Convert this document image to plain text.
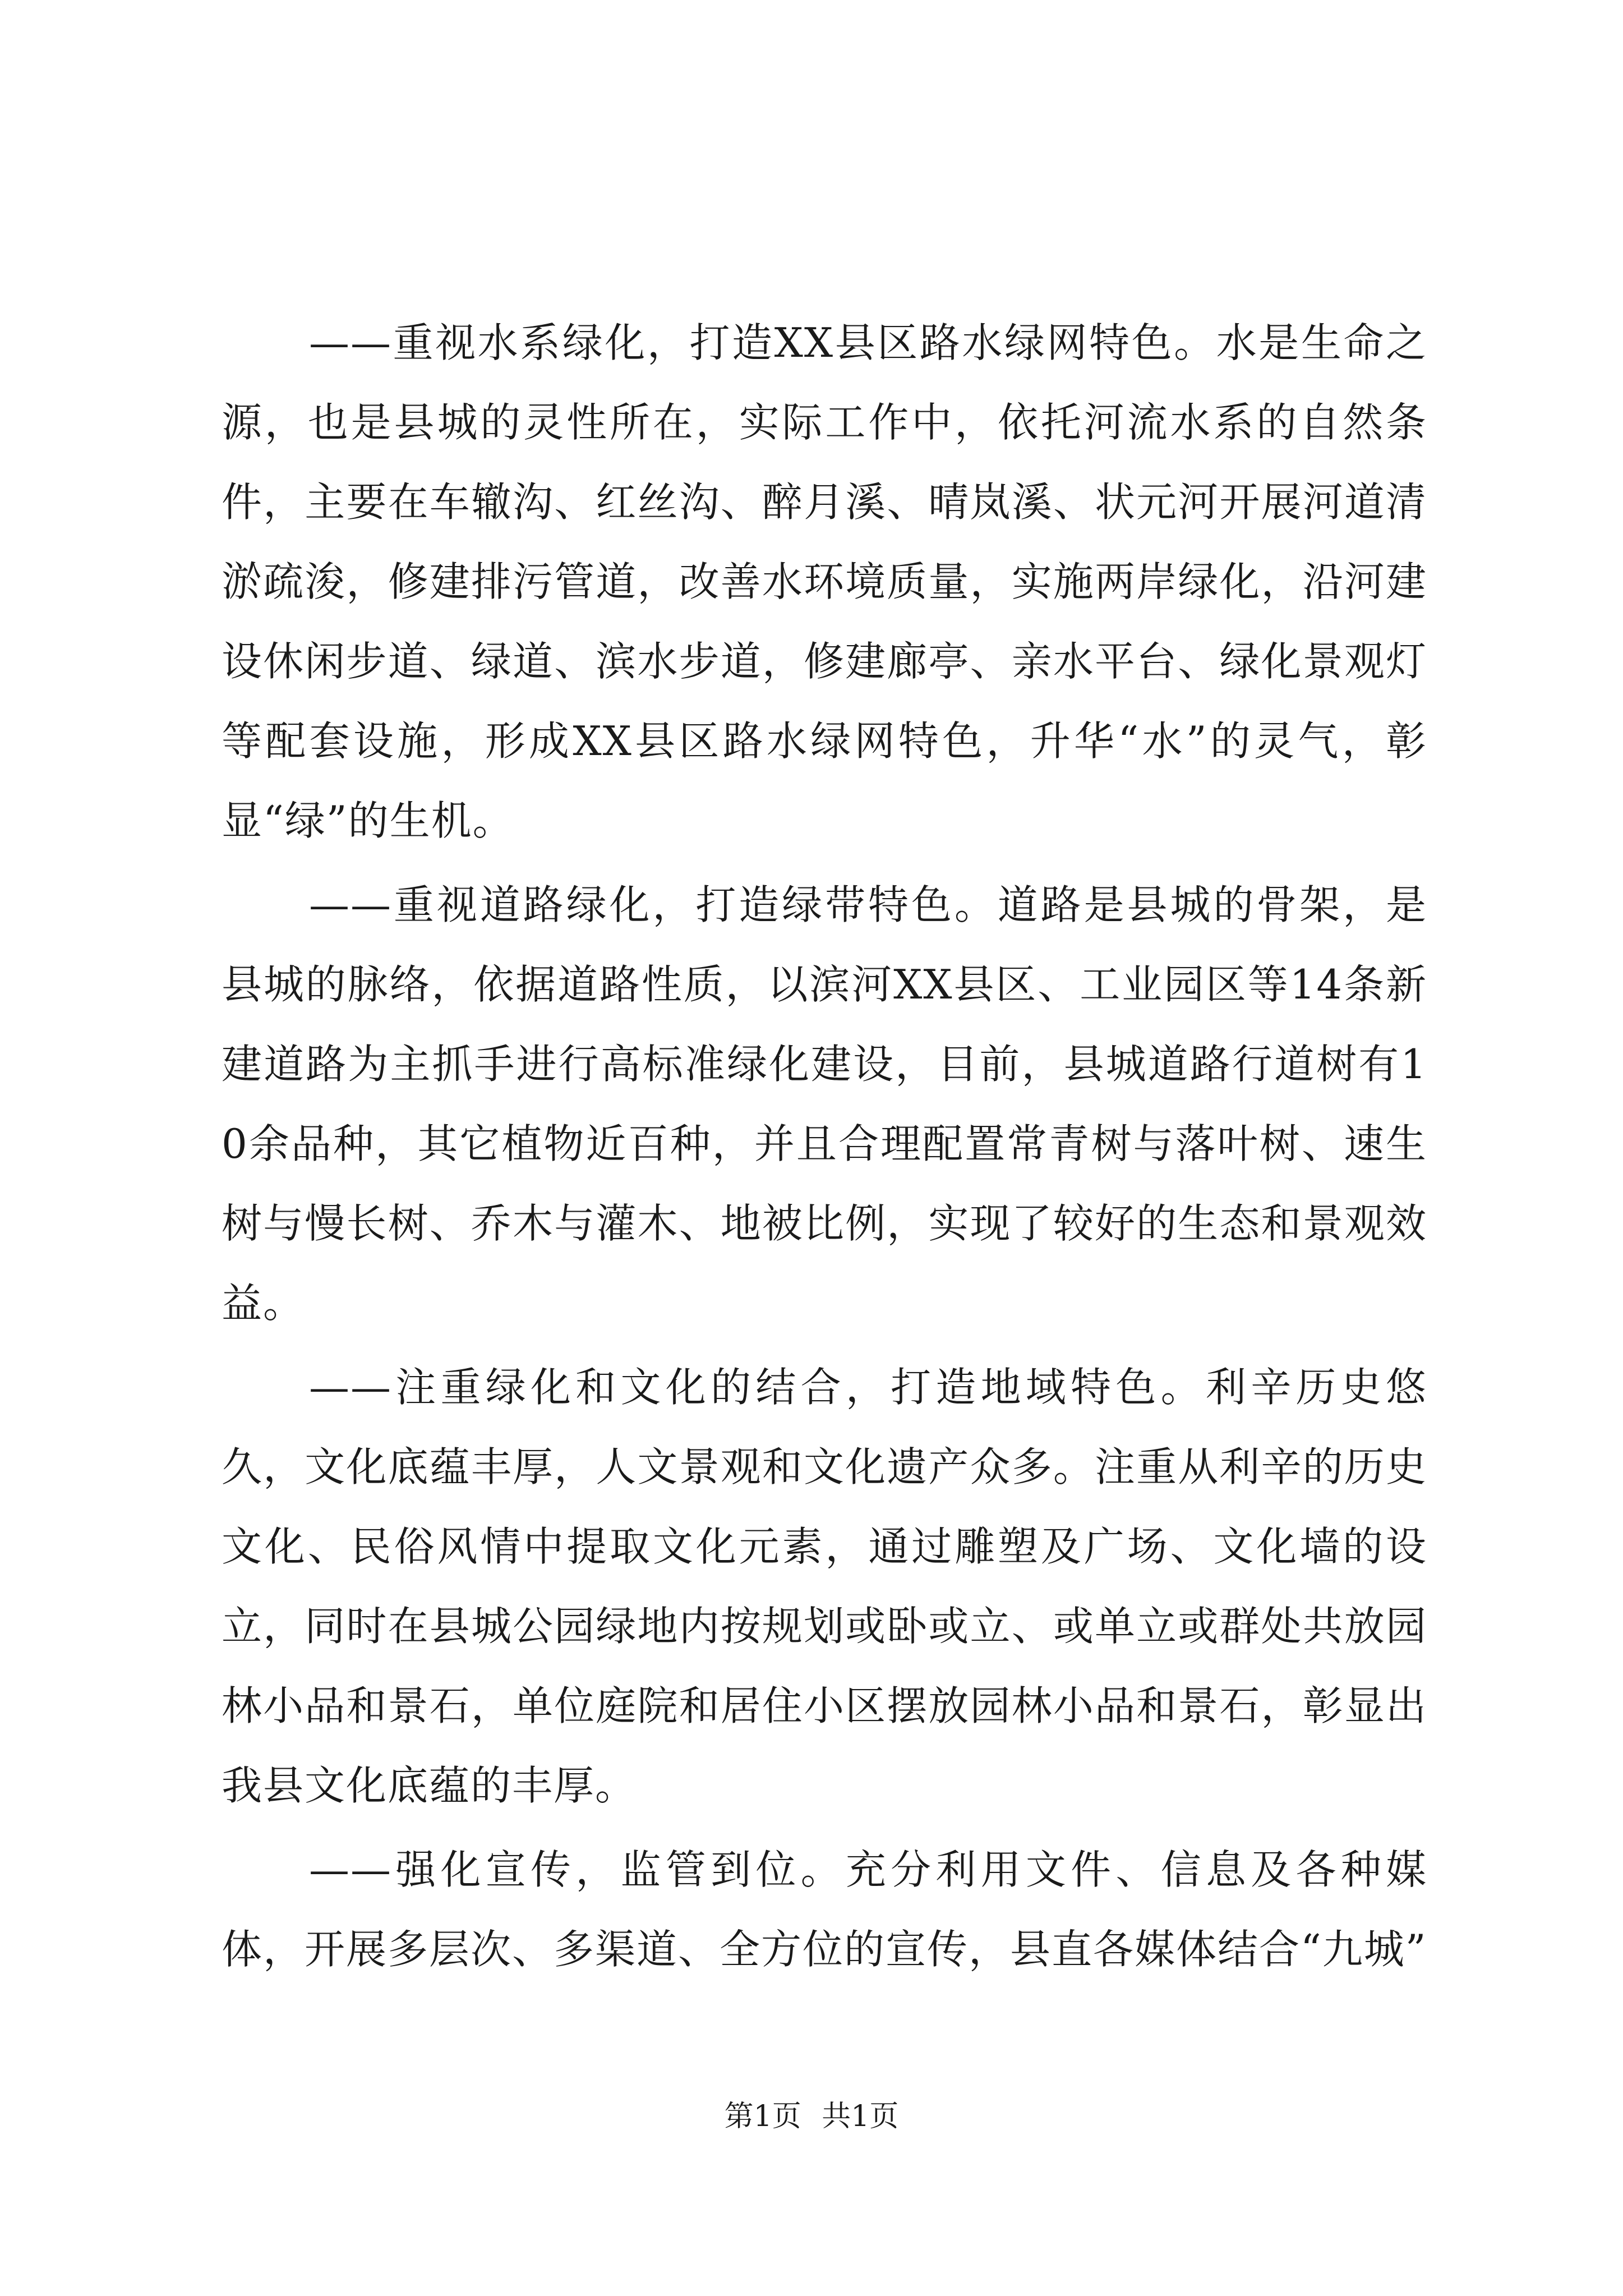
——重视水系绿化，打造XX县区路水绿网特色。水是生命之源，也是县城的灵性所在，实际工作中，依托河流水系的自然条件，主要在车辙沟、红丝沟、醉月溪、晴岚溪、状元河开展河道清淤疏浚，修建排污管道，改善水环境质量，实施两岸绿化，沿河建设休闲步道、绿道、滨水步道，修建廊亭、亲水平台、绿化景观灯等配套设施，形成XX县区路水绿网特色，升华“水”的灵气，彰显“绿”的生机。

——重视道路绿化，打造绿带特色。道路是县城的骨架，是县城的脉络，依据道路性质，以滨河XX县区、工业园区等14条新建道路为主抓手进行高标准绿化建设，目前，县城道路行道树有10余品种，其它植物近百种，并且合理配置常青树与落叶树、速生树与慢长树、乔木与灌木、地被比例，实现了较好的生态和景观效益。

——注重绿化和文化的结合，打造地域特色。利辛历史悠久，文化底蕴丰厚，人文景观和文化遗产众多。注重从利辛的历史文化、民俗风情中提取文化元素，通过雕塑及广场、文化墙的设立，同时在县城公园绿地内按规划或卧或立、或单立或群处共放园林小品和景石，单位庭院和居住小区摆放园林小品和景石，彰显出我县文化底蕴的丰厚。

——强化宣传，监管到位。充分利用文件、信息及各种媒体，开展多层次、多渠道、全方位的宣传，县直各媒体结合“九城”

第1页 共1页
